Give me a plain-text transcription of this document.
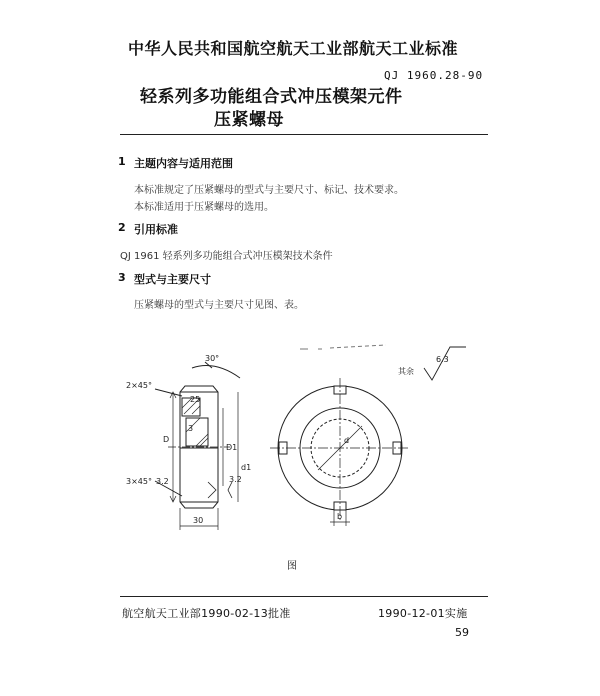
中华人民共和国航空航天工业部航天工业标准
QJ 1960.28-90
轻系列多功能组合式冲压模架元件
压紧螺母
1 主题内容与适用范围
本标准规定了压紧螺母的型式与主要尺寸、标记、技术要求。
本标准适用于压紧螺母的选用。
2 引用标准
QJ 1961 轻系列多功能组合式冲压模架技术条件
3 型式与主要尺寸
压紧螺母的型式与主要尺寸见图、表。
30°
2×45°
25
3
D
D1
d1
3×45° 3.2	3.2
30
d
b
6.3
其余
图
航空航天工业部1990-02-13批准	1990-12-01实施
59
